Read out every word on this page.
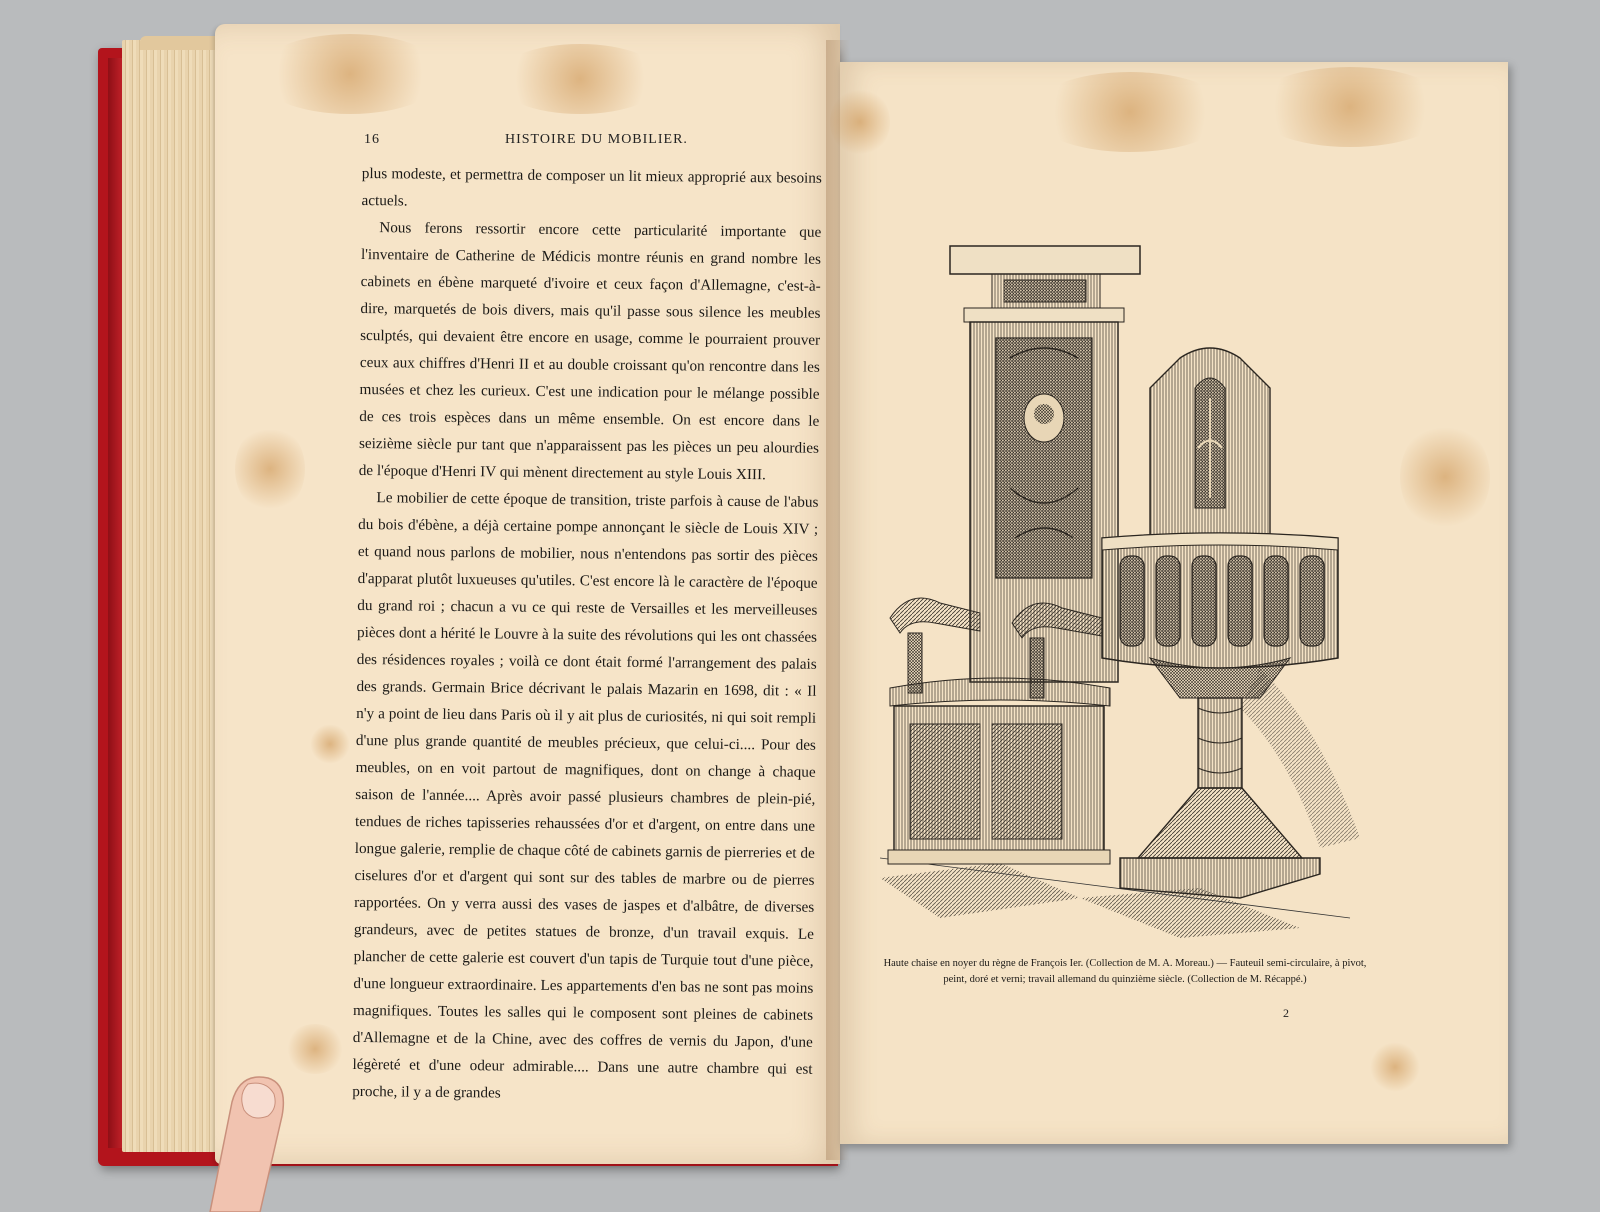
16	HISTOIRE DU MOBILIER.

plus modeste, et permettra de composer un lit mieux approprié aux besoins actuels.

Nous ferons ressortir encore cette particularité importante que l'inventaire de Catherine de Médicis montre réunis en grand nombre les cabinets en ébène marqueté d'ivoire et ceux façon d'Allemagne, c'est-à-dire, marquetés de bois divers, mais qu'il passe sous silence les meubles sculptés, qui devaient être encore en usage, comme le pourraient prouver ceux aux chiffres d'Henri II et au double croissant qu'on rencontre dans les musées et chez les curieux. C'est une indication pour le mélange possible de ces trois espèces dans un même ensemble. On est encore dans le seizième siècle pur tant que n'apparaissent pas les pièces un peu alourdies de l'époque d'Henri IV qui mènent directement au style Louis XIII.

Le mobilier de cette époque de transition, triste parfois à cause de l'abus du bois d'ébène, a déjà certaine pompe annonçant le siècle de Louis XIV ; et quand nous parlons de mobilier, nous n'entendons pas sortir des pièces d'apparat plutôt luxueuses qu'utiles. C'est encore là le caractère de l'époque du grand roi ; chacun a vu ce qui reste de Versailles et les merveilleuses pièces dont a hérité le Louvre à la suite des révolutions qui les ont chassées des résidences royales ; voilà ce dont était formé l'arrangement des palais des grands. Germain Brice décrivant le palais Mazarin en 1698, dit : « Il n'y a point de lieu dans Paris où il y ait plus de curiosités, ni qui soit rempli d'une plus grande quantité de meubles précieux, que celui-ci.... Pour des meubles, on en voit partout de magnifiques, dont on change à chaque saison de l'année.... Après avoir passé plusieurs chambres de plein-pié, tendues de riches tapisseries rehaussées d'or et d'argent, on entre dans une longue galerie, remplie de chaque côté de cabinets garnis de pierreries et de ciselures d'or et d'argent qui sont sur des tables de marbre ou de pierres rapportées. On y verra aussi des vases de jaspes et d'albâtre, de diverses grandeurs, avec de petites statues de bronze, d'un travail exquis. Le plancher de cette galerie est couvert d'un tapis de Turquie tout d'une pièce, d'une longueur extraordinaire. Les appartements d'en bas ne sont pas moins magnifiques. Toutes les salles qui le composent sont pleines de cabinets d'Allemagne et de la Chine, avec des coffres de vernis du Japon, d'une légèreté et d'une odeur admirable.... Dans une autre chambre qui est proche, il y a de grandes

Haute chaise en noyer du règne de François Ier. (Collection de M. A. Moreau.) — Fauteuil semi-circulaire, à pivot, peint, doré et verni; travail allemand du quinzième siècle. (Collection de M. Récappé.)
2
